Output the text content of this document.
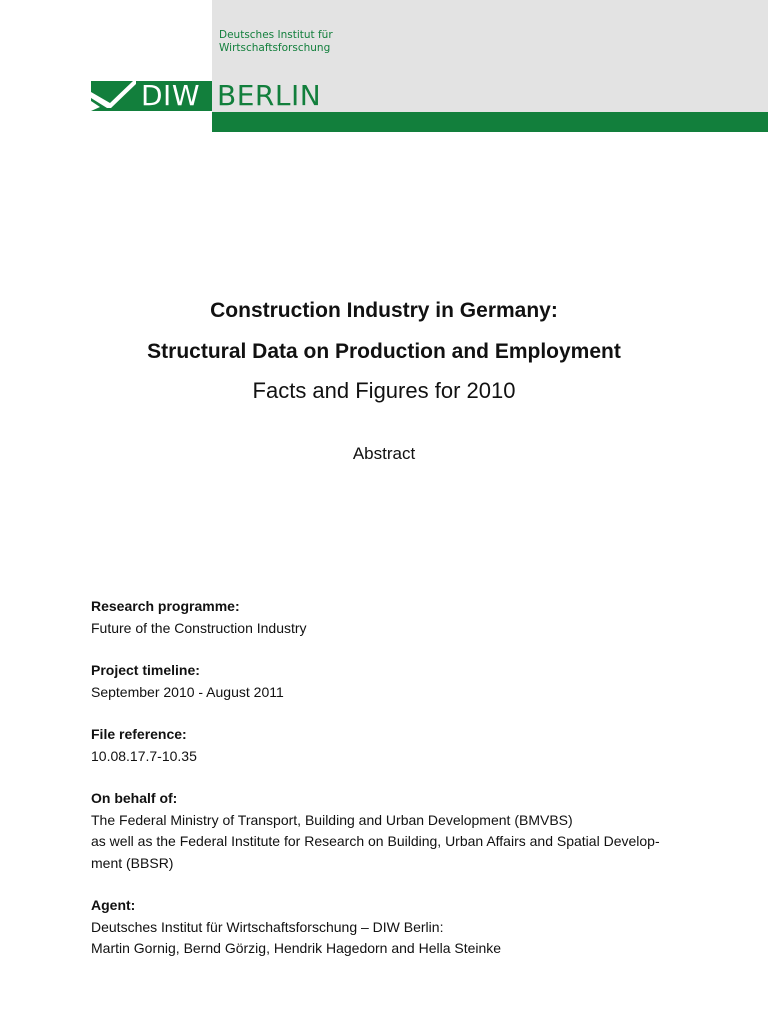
Deutsches Institut für
Wirtschaftsforschung
DIW BERLIN
Construction Industry in Germany:
Structural Data on Production and Employment
Facts and Figures for 2010
Abstract
Research programme:
Future of the Construction Industry
Project timeline:
September 2010 - August 2011
File reference:
10.08.17.7-10.35
On behalf of:
The Federal Ministry of Transport, Building and Urban Development (BMVBS)
as well as the Federal Institute for Research on Building, Urban Affairs and Spatial Develop-
ment (BBSR)
Agent:
Deutsches Institut für Wirtschaftsforschung – DIW Berlin:
Martin Gornig, Bernd Görzig, Hendrik Hagedorn and Hella Steinke
